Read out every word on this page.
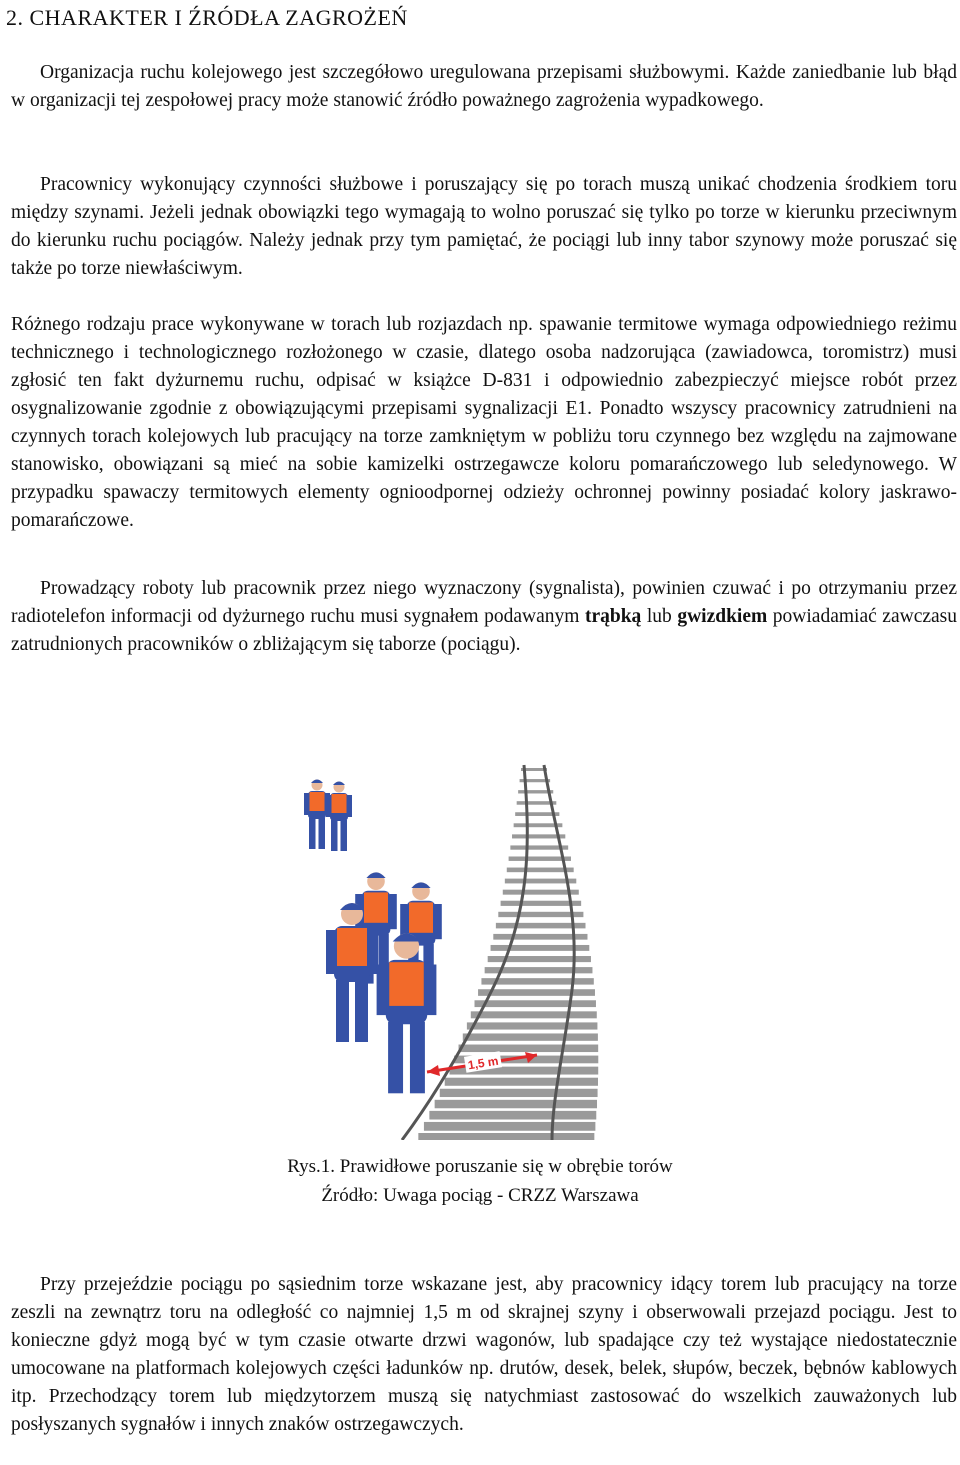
2. CHARAKTER I ŹRÓDŁA ZAGROŻEŃ

Organizacja ruchu kolejowego jest szczegółowo uregulowana przepisami służbowymi. Każde zaniedbanie lub błąd w organizacji tej zespołowej pracy może stanowić źródło poważnego zagrożenia wypadkowego.

Pracownicy wykonujący czynności służbowe i poruszający się po torach muszą unikać chodzenia środkiem toru między szynami. Jeżeli jednak obowiązki tego wymagają to wolno poruszać się tylko po torze w kierunku przeciwnym do kierunku ruchu pociągów. Należy jednak przy tym pamiętać, że pociągi lub inny tabor szynowy może poruszać się także po torze niewłaściwym.

Różnego rodzaju prace wykonywane w torach lub rozjazdach np. spawanie termitowe wymaga odpowiedniego reżimu technicznego i technologicznego rozłożonego w czasie, dlatego osoba nadzorująca (zawiadowca, toromistrz) musi zgłosić ten fakt dyżurnemu ruchu, odpisać w książce D-831 i odpowiednio zabezpieczyć miejsce robót przez osygnalizowanie zgodnie z obowiązującymi przepisami sygnalizacji E1. Ponadto wszyscy pracownicy zatrudnieni na czynnych torach kolejowych lub pracujący na torze zamkniętym w pobliżu toru czynnego bez względu na zajmowane stanowisko, obowiązani są mieć na sobie kamizelki ostrzegawcze koloru pomarańczowego lub seledynowego. W przypadku spawaczy termitowych elementy ognioodpornej odzieży ochronnej powinny posiadać kolory jaskrawo-pomarańczowe.

Prowadzący roboty lub pracownik przez niego wyznaczony (sygnalista), powinien czuwać i po otrzymaniu przez radiotelefon informacji od dyżurnego ruchu musi sygnałem podawanym trąbką lub gwizdkiem powiadamiać zawczasu zatrudnionych pracowników o zbliżającym się taborze (pociągu).

1,5 m
Rys.1. Prawidłowe poruszanie się w obrębie torów
Źródło: Uwaga pociąg - CRZZ Warszawa

Przy przejeździe pociągu po sąsiednim torze wskazane jest, aby pracownicy idący torem lub pracujący na torze zeszli na zewnątrz toru na odległość co najmniej 1,5 m od skrajnej szyny i obserwowali przejazd pociągu. Jest to konieczne gdyż mogą być w tym czasie otwarte drzwi wagonów, lub spadające czy też wystające niedostatecznie umocowane na platformach kolejowych części ładunków np. drutów, desek, belek, słupów, beczek, bębnów kablowych itp. Przechodzący torem lub międzytorzem muszą się natychmiast zastosować do wszelkich zauważonych lub posłyszanych sygnałów i innych znaków ostrzegawczych.
